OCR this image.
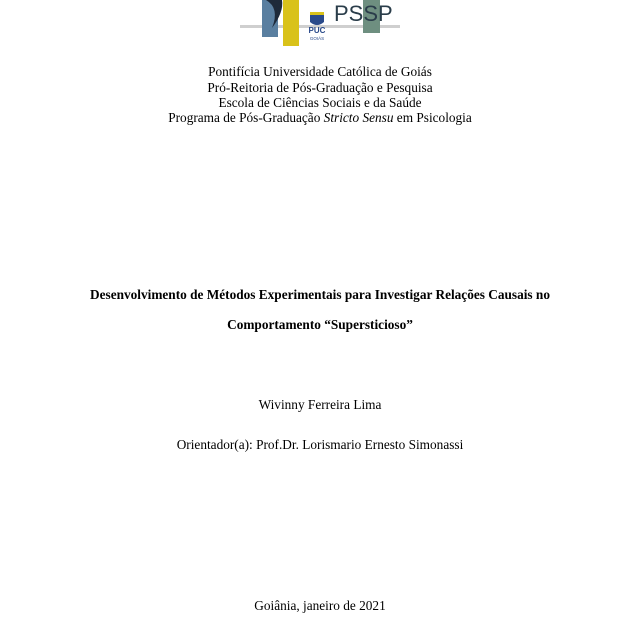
PUC
GOIÁS
PSSP
Pontifícia Universidade Católica de Goiás
Pró-Reitoria de Pós-Graduação e Pesquisa
Escola de Ciências Sociais e da Saúde
Programa de Pós-Graduação Stricto Sensu em Psicologia
Desenvolvimento de Métodos Experimentais para Investigar Relações Causais no
Comportamento “Supersticioso”
Wivinny Ferreira Lima
Orientador(a): Prof.Dr. Lorismario Ernesto Simonassi
Goiânia, janeiro de 2021
